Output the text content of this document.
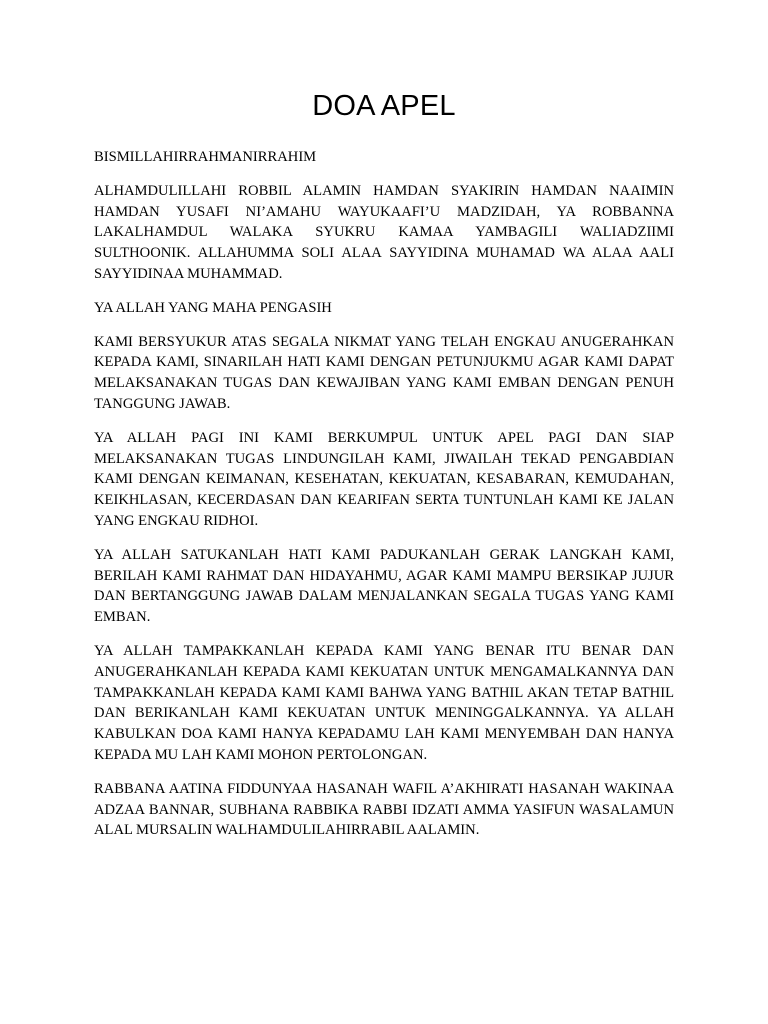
DOA APEL

BISMILLAHIRRAHMANIRRAHIM

ALHAMDULILLAHI ROBBIL ALAMIN HAMDAN SYAKIRIN HAMDAN NAAIMIN HAMDAN YUSAFI NI’AMAHU WAYUKAAFI’U MADZIDAH, YA ROBBANNA LAKALHAMDUL WALAKA SYUKRU KAMAA YAMBAGILI WALIADZIIMI SULTHOONIK. ALLAHUMMA SOLI ALAA SAYYIDINA MUHAMAD WA ALAA AALI SAYYIDINAA MUHAMMAD.

YA ALLAH YANG MAHA PENGASIH

KAMI BERSYUKUR ATAS SEGALA NIKMAT YANG TELAH ENGKAU ANUGERAHKAN KEPADA KAMI, SINARILAH HATI KAMI DENGAN PETUNJUKMU AGAR KAMI DAPAT MELAKSANAKAN TUGAS DAN KEWAJIBAN YANG KAMI EMBAN DENGAN PENUH TANGGUNG JAWAB.

YA ALLAH PAGI INI KAMI BERKUMPUL UNTUK APEL PAGI DAN SIAP MELAKSANAKAN TUGAS LINDUNGILAH KAMI, JIWAILAH TEKAD PENGABDIAN KAMI DENGAN KEIMANAN, KESEHATAN, KEKUATAN, KESABARAN, KEMUDAHAN, KEIKHLASAN, KECERDASAN DAN KEARIFAN SERTA TUNTUNLAH KAMI KE JALAN YANG ENGKAU RIDHOI.

YA ALLAH SATUKANLAH HATI KAMI PADUKANLAH GERAK LANGKAH KAMI, BERILAH KAMI RAHMAT DAN HIDAYAHMU, AGAR KAMI MAMPU BERSIKAP JUJUR DAN BERTANGGUNG JAWAB DALAM MENJALANKAN SEGALA TUGAS YANG KAMI EMBAN.

YA ALLAH TAMPAKKANLAH KEPADA KAMI YANG BENAR ITU BENAR DAN ANUGERAHKANLAH KEPADA KAMI KEKUATAN UNTUK MENGAMALKANNYA DAN TAMPAKKANLAH KEPADA KAMI KAMI BAHWA YANG BATHIL AKAN TETAP BATHIL DAN BERIKANLAH KAMI KEKUATAN UNTUK MENINGGALKANNYA. YA ALLAH KABULKAN DOA KAMI HANYA KEPADAMU LAH KAMI MENYEMBAH DAN HANYA KEPADA MU LAH KAMI MOHON PERTOLONGAN.

RABBANA AATINA FIDDUNYAA HASANAH WAFIL A’AKHIRATI HASANAH WAKINAA ADZAA BANNAR, SUBHANA RABBIKA RABBI IDZATI AMMA YASIFUN WASALAMUN ALAL MURSALIN WALHAMDULILAHIRRABIL AALAMIN.
